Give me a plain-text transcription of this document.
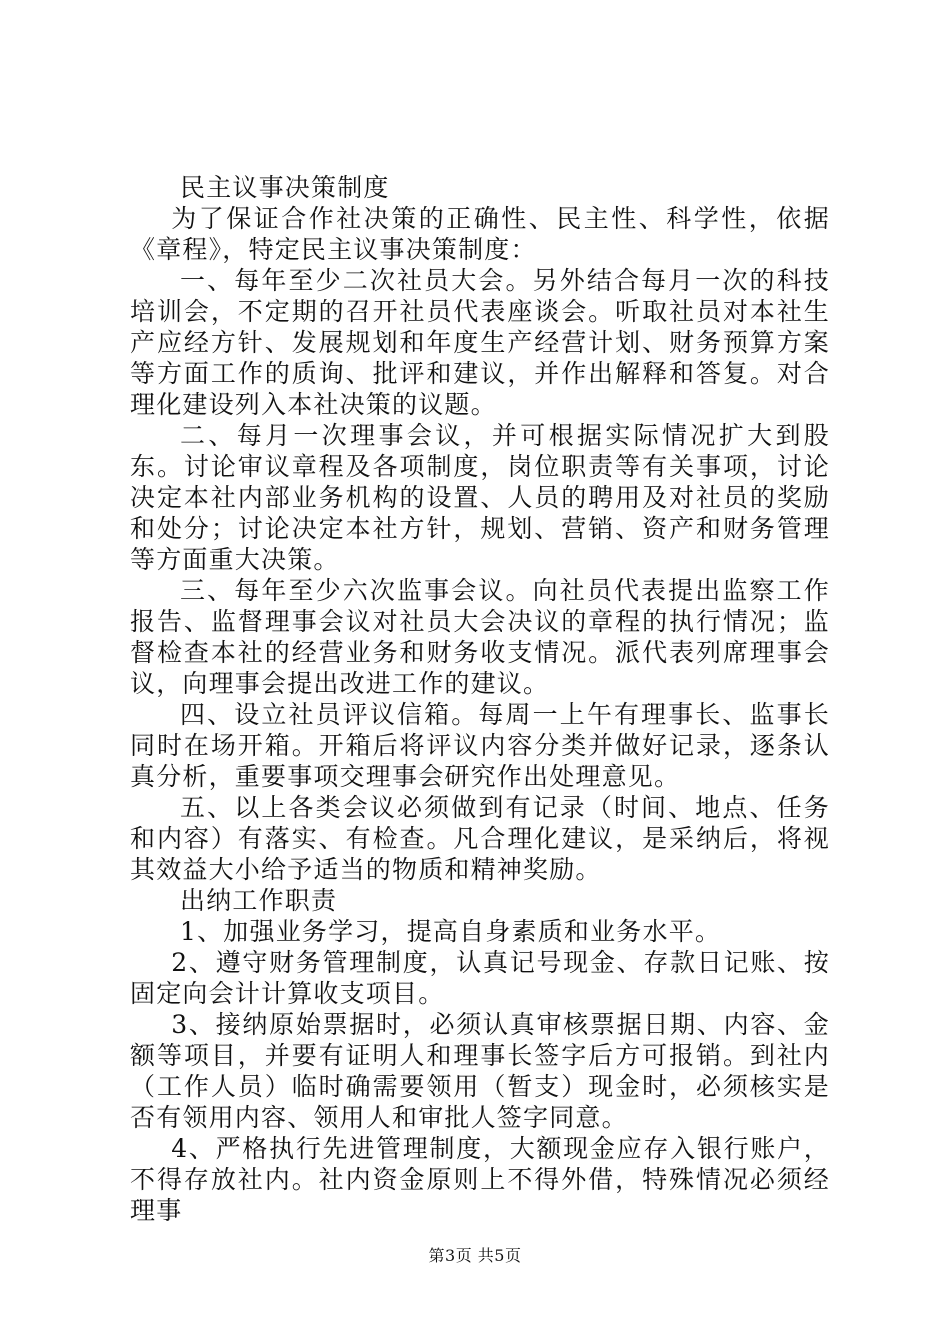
民主议事决策制度

为了保证合作社决策的正确性、民主性、科学性，依据《章程》，特定民主议事决策制度：

一、每年至少二次社员大会。另外结合每月一次的科技培训会，不定期的召开社员代表座谈会。听取社员对本社生产应经方针、发展规划和年度生产经营计划、财务预算方案等方面工作的质询、批评和建议，并作出解释和答复。对合理化建设列入本社决策的议题。

二、每月一次理事会议，并可根据实际情况扩大到股东。讨论审议章程及各项制度，岗位职责等有关事项，讨论决定本社内部业务机构的设置、人员的聘用及对社员的奖励和处分；讨论决定本社方针，规划、营销、资产和财务管理等方面重大决策。

三、每年至少六次监事会议。向社员代表提出监察工作报告、监督理事会议对社员大会决议的章程的执行情况；监督检查本社的经营业务和财务收支情况。派代表列席理事会议，向理事会提出改进工作的建议。

四、设立社员评议信箱。每周一上午有理事长、监事长同时在场开箱。开箱后将评议内容分类并做好记录，逐条认真分析，重要事项交理事会研究作出处理意见。

五、以上各类会议必须做到有记录（时间、地点、任务和内容）有落实、有检查。凡合理化建议，是采纳后，将视其效益大小给予适当的物质和精神奖励。

出纳工作职责

1、加强业务学习，提高自身素质和业务水平。

2、遵守财务管理制度，认真记号现金、存款日记账、按固定向会计计算收支项目。

3、接纳原始票据时，必须认真审核票据日期、内容、金额等项目，并要有证明人和理事长签字后方可报销。到社内（工作人员）临时确需要领用（暂支）现金时，必须核实是否有领用内容、领用人和审批人签字同意。

4、严格执行先进管理制度，大额现金应存入银行账户，不得存放社内。社内资金原则上不得外借，特殊情况必须经理事

第3页 共5页
